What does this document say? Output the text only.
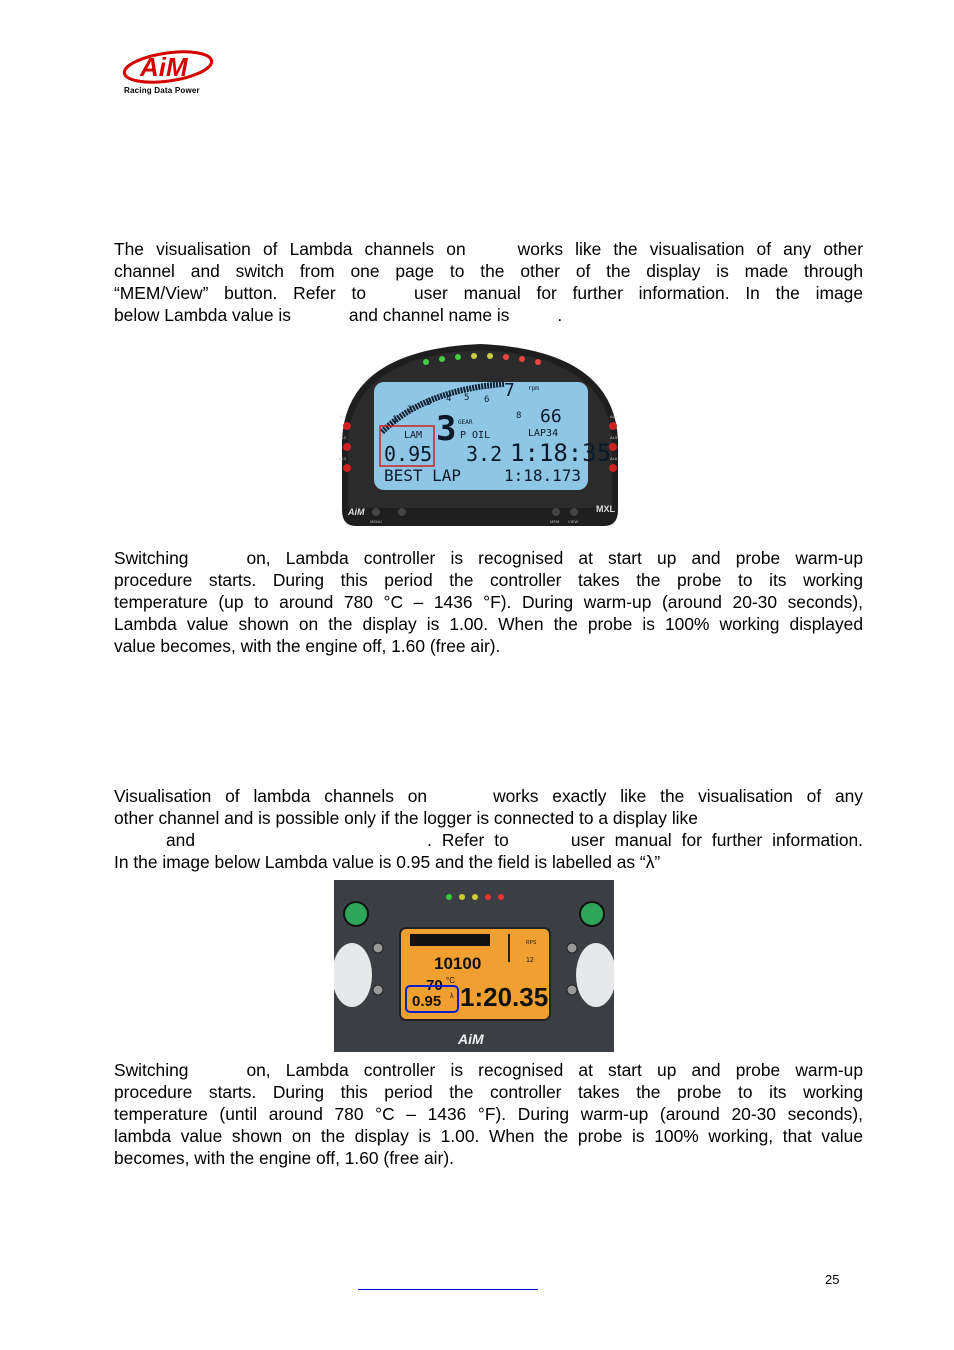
AiM
Racing Data Power
The visualisation of Lambda channels on	works like the visualisation of any other
channel and switch from one page to the other of the display is made through
“MEM/View” button. Refer to	user manual for further information. In the image
below Lambda value is	and channel name is	.
AL1
AL2
AL3
AL4
AL5
AL6
1
2
3 4 5 6 7
8
rpm
GEAR
3	66
LAP34
LAM
0.95
P OIL
3.2 1:18:35
BEST LAP	1:18.173
AiM
MENU	MEM VIEW
MXL
Switching	on, Lambda controller is recognised at start up and probe warm-up
procedure starts. During this period the controller takes the probe to its working
temperature (up to around 780 °C – 1436 °F). During warm-up (around 20-30 seconds),
Lambda value shown on the display is 1.00. When the probe is 100% working displayed
value becomes, with the engine off, 1.60 (free air).
Visualisation of lambda channels on	works exactly like the visualisation of any
other channel and is possible only if the logger is connected to a display like
and	. Refer to	user manual for further information.
In the image below Lambda value is 0.95 and the field is labelled as “λ”
10100
70 °C
0.95 λ 1:20.35
RPS
12
AiM
Switching	on, Lambda controller is recognised at start up and probe warm-up
procedure starts. During this period the controller takes the probe to its working
temperature (until around 780 °C – 1436 °F). During warm-up (around 20-30 seconds),
lambda value shown on the display is 1.00. When the probe is 100% working, that value
becomes, with the engine off, 1.60 (free air).
25
